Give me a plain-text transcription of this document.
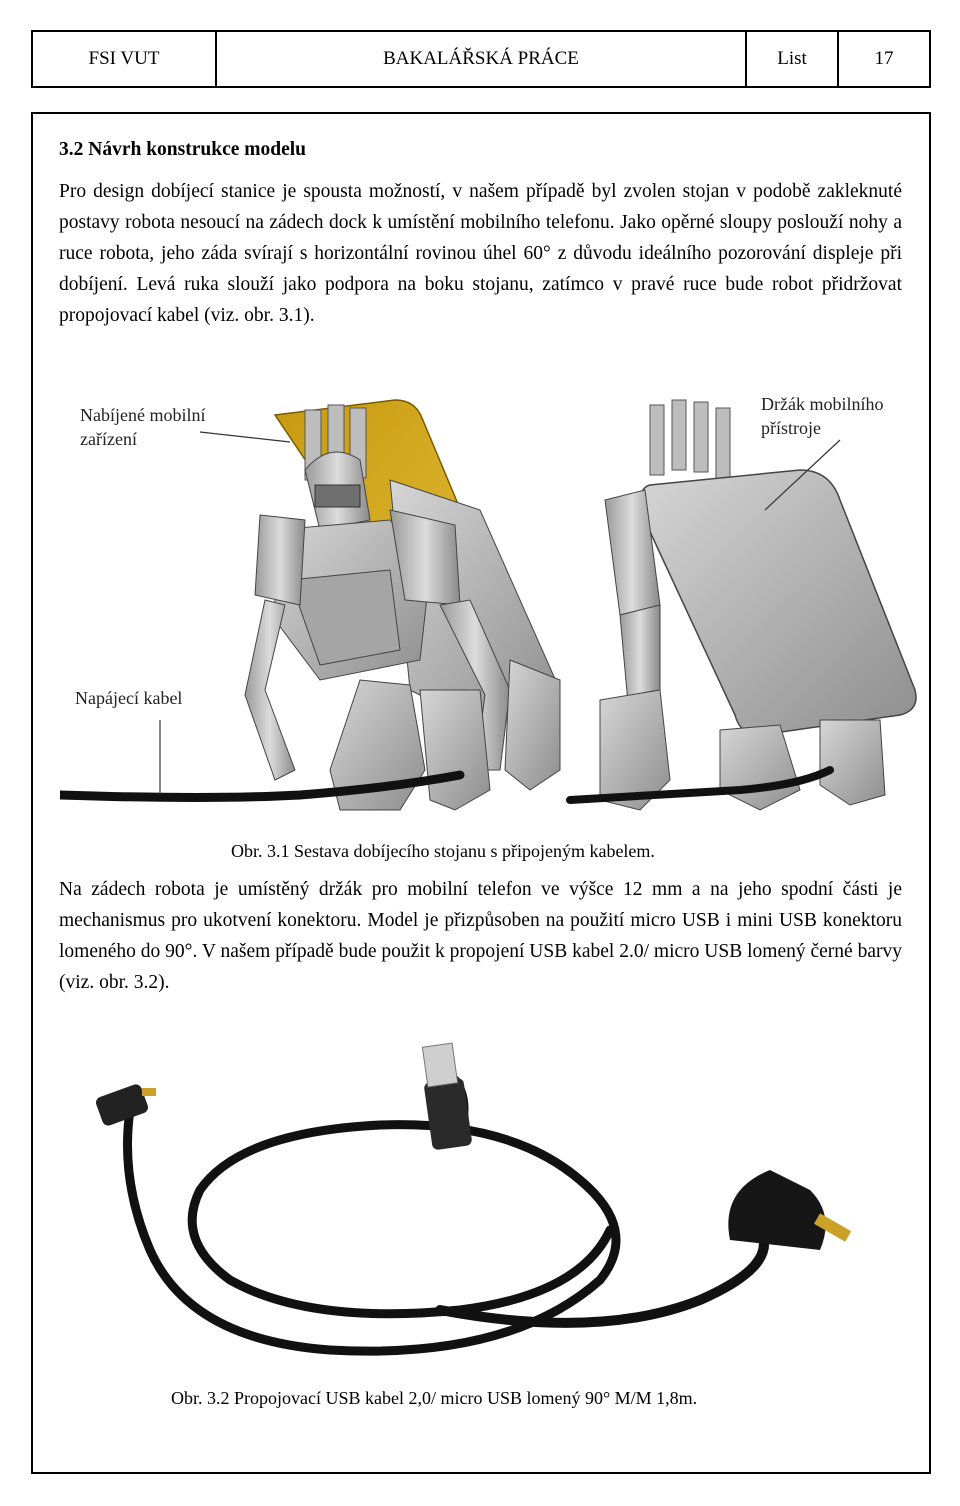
FSI VUT	BAKALÁŘSKÁ PRÁCE	List	17
3.2 Návrh konstrukce modelu
Pro design dobíjecí stanice je spousta možností, v našem případě byl zvolen stojan v podobě zakleknuté postavy robota nesoucí na zádech dock k umístění mobilního telefonu. Jako opěrné sloupy poslouží nohy a ruce robota, jeho záda svírají s horizontální rovinou úhel 60° z důvodu ideálního pozorování displeje při dobíjení. Levá ruka slouží jako podpora na boku stojanu, zatímco v pravé ruce bude robot přidržovat propojovací kabel (viz. obr. 3.1).
Nabíjené mobilní
zařízení
Držák mobilního
přístroje
Napájecí kabel
Obr. 3.1 Sestava dobíjecího stojanu s připojeným kabelem.
Na zádech robota je umístěný držák pro mobilní telefon ve výšce 12 mm a na jeho spodní části je mechanismus pro ukotvení konektoru. Model je přizpůsoben na použití micro USB i mini USB konektoru lomeného do 90°. V našem případě bude použit k propojení USB kabel 2.0/ micro USB lomený černé barvy (viz. obr. 3.2).
Obr. 3.2 Propojovací USB kabel 2,0/ micro USB lomený 90° M/M 1,8m.
